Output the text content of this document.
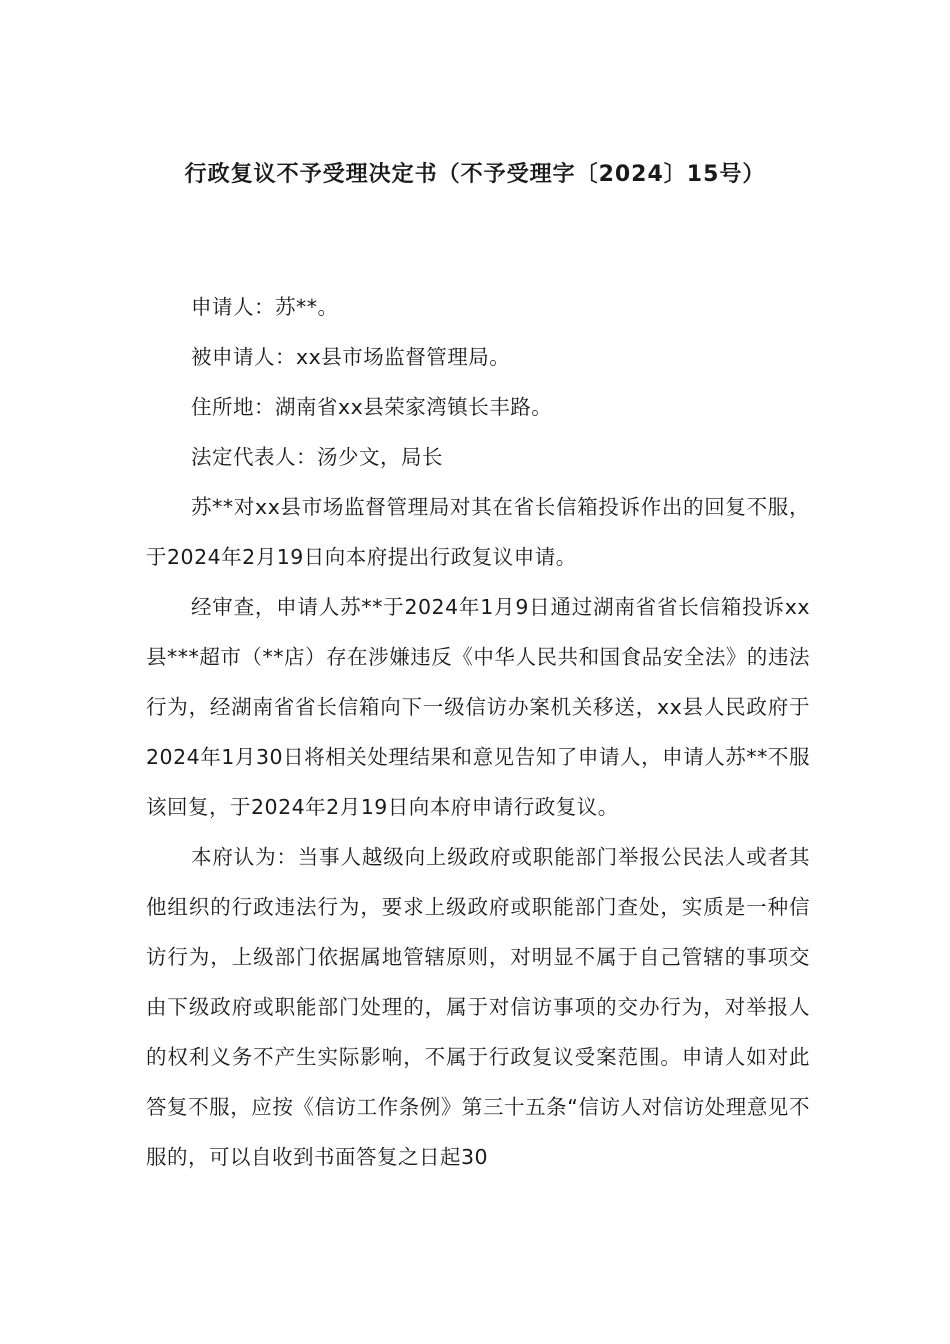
行政复议不予受理决定书（不予受理字〔2024〕15号）

申请人：苏**。

被申请人：xx县市场监督管理局。

住所地：湖南省xx县荣家湾镇长丰路。

法定代表人：汤少文，局长

苏**对xx县市场监督管理局对其在省长信箱投诉作出的回复不服，于2024年2月19日向本府提出行政复议申请。

经审查，申请人苏**于2024年1月9日通过湖南省省长信箱投诉xx县***超市（**店）存在涉嫌违反《中华人民共和国食品安全法》的违法行为，经湖南省省长信箱向下一级信访办案机关移送，xx县人民政府于2024年1月30日将相关处理结果和意见告知了申请人，申请人苏**不服该回复，于2024年2月19日向本府申请行政复议。

本府认为：当事人越级向上级政府或职能部门举报公民法人或者其他组织的行政违法行为，要求上级政府或职能部门查处，实质是一种信访行为，上级部门依据属地管辖原则，对明显不属于自己管辖的事项交由下级政府或职能部门处理的，属于对信访事项的交办行为，对举报人的权利义务不产生实际影响，不属于行政复议受案范围。申请人如对此答复不服，应按《信访工作条例》第三十五条“信访人对信访处理意见不服的，可以自收到书面答复之日起30
